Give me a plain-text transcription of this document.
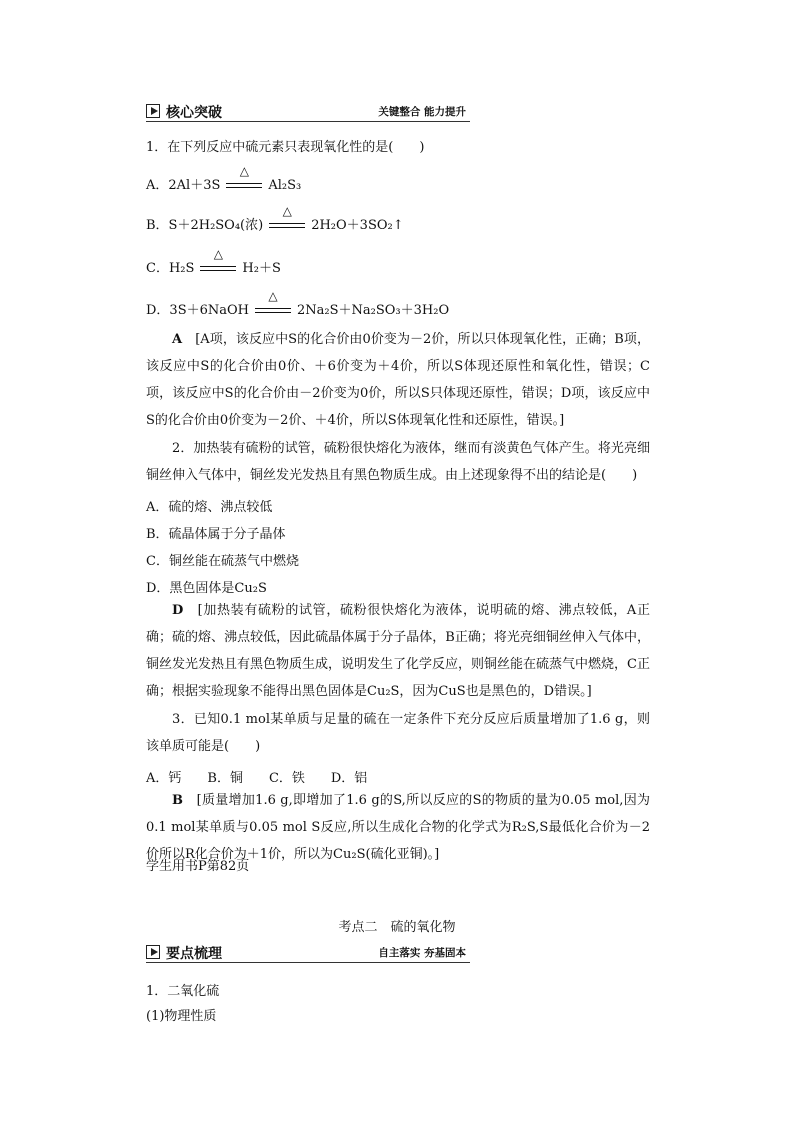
核心突破	关键整合 能力提升
1．在下列反应中硫元素只表现氧化性的是(　　)
A．2Al＋3S
△
Al₂S₃
B．S＋2H₂SO₄(浓)
△
2H₂O＋3SO₂↑
C．H₂S
△
H₂＋S
D．3S＋6NaOH
△
2Na₂S＋Na₂SO₃＋3H₂O
A　 [A项，该反应中S的化合价由0价变为－2价，所以只体现氧化性，正确；B项，该反应中S的化合价由0价、＋6价变为＋4价，所以S体现还原性和氧化性，错误；C项，该反应中S的化合价由－2价变为0价，所以S只体现还原性，错误；D项，该反应中S的化合价由0价变为－2价、＋4价，所以S体现氧化性和还原性，错误。]
2．加热装有硫粉的试管，硫粉很快熔化为液体，继而有淡黄色气体产生。将光亮细铜丝伸入气体中，铜丝发光发热且有黑色物质生成。由上述现象得不出的结论是(　　)
A．硫的熔、沸点较低
B．硫晶体属于分子晶体
C．铜丝能在硫蒸气中燃烧
D．黑色固体是Cu₂S
D　 [加热装有硫粉的试管，硫粉很快熔化为液体，说明硫的熔、沸点较低，A正确；硫的熔、沸点较低，因此硫晶体属于分子晶体，B正确；将光亮细铜丝伸入气体中，铜丝发光发热且有黑色物质生成，说明发生了化学反应，则铜丝能在硫蒸气中燃烧，C正确；根据实验现象不能得出黑色固体是Cu₂S，因为CuS也是黑色的，D错误。]
3．已知0.1 mol某单质与足量的硫在一定条件下充分反应后质量增加了1.6 g，则该单质可能是(　　)
A．钙　　B．铜　　C．铁　　D．铝
B　 [质量增加1.6 g,即增加了1.6 g的S,所以反应的S的物质的量为0.05 mol,因为0.1 mol某单质与0.05 mol S反应,所以生成化合物的化学式为R₂S,S最低化合价为－2价所以R化合价为＋1价，所以为Cu₂S(硫化亚铜)。]
学生用书⁠P第82页
考点二　硫的氧化物
要点梳理	自主落实 夯基固本
1．二氧化硫
(1)物理性质
